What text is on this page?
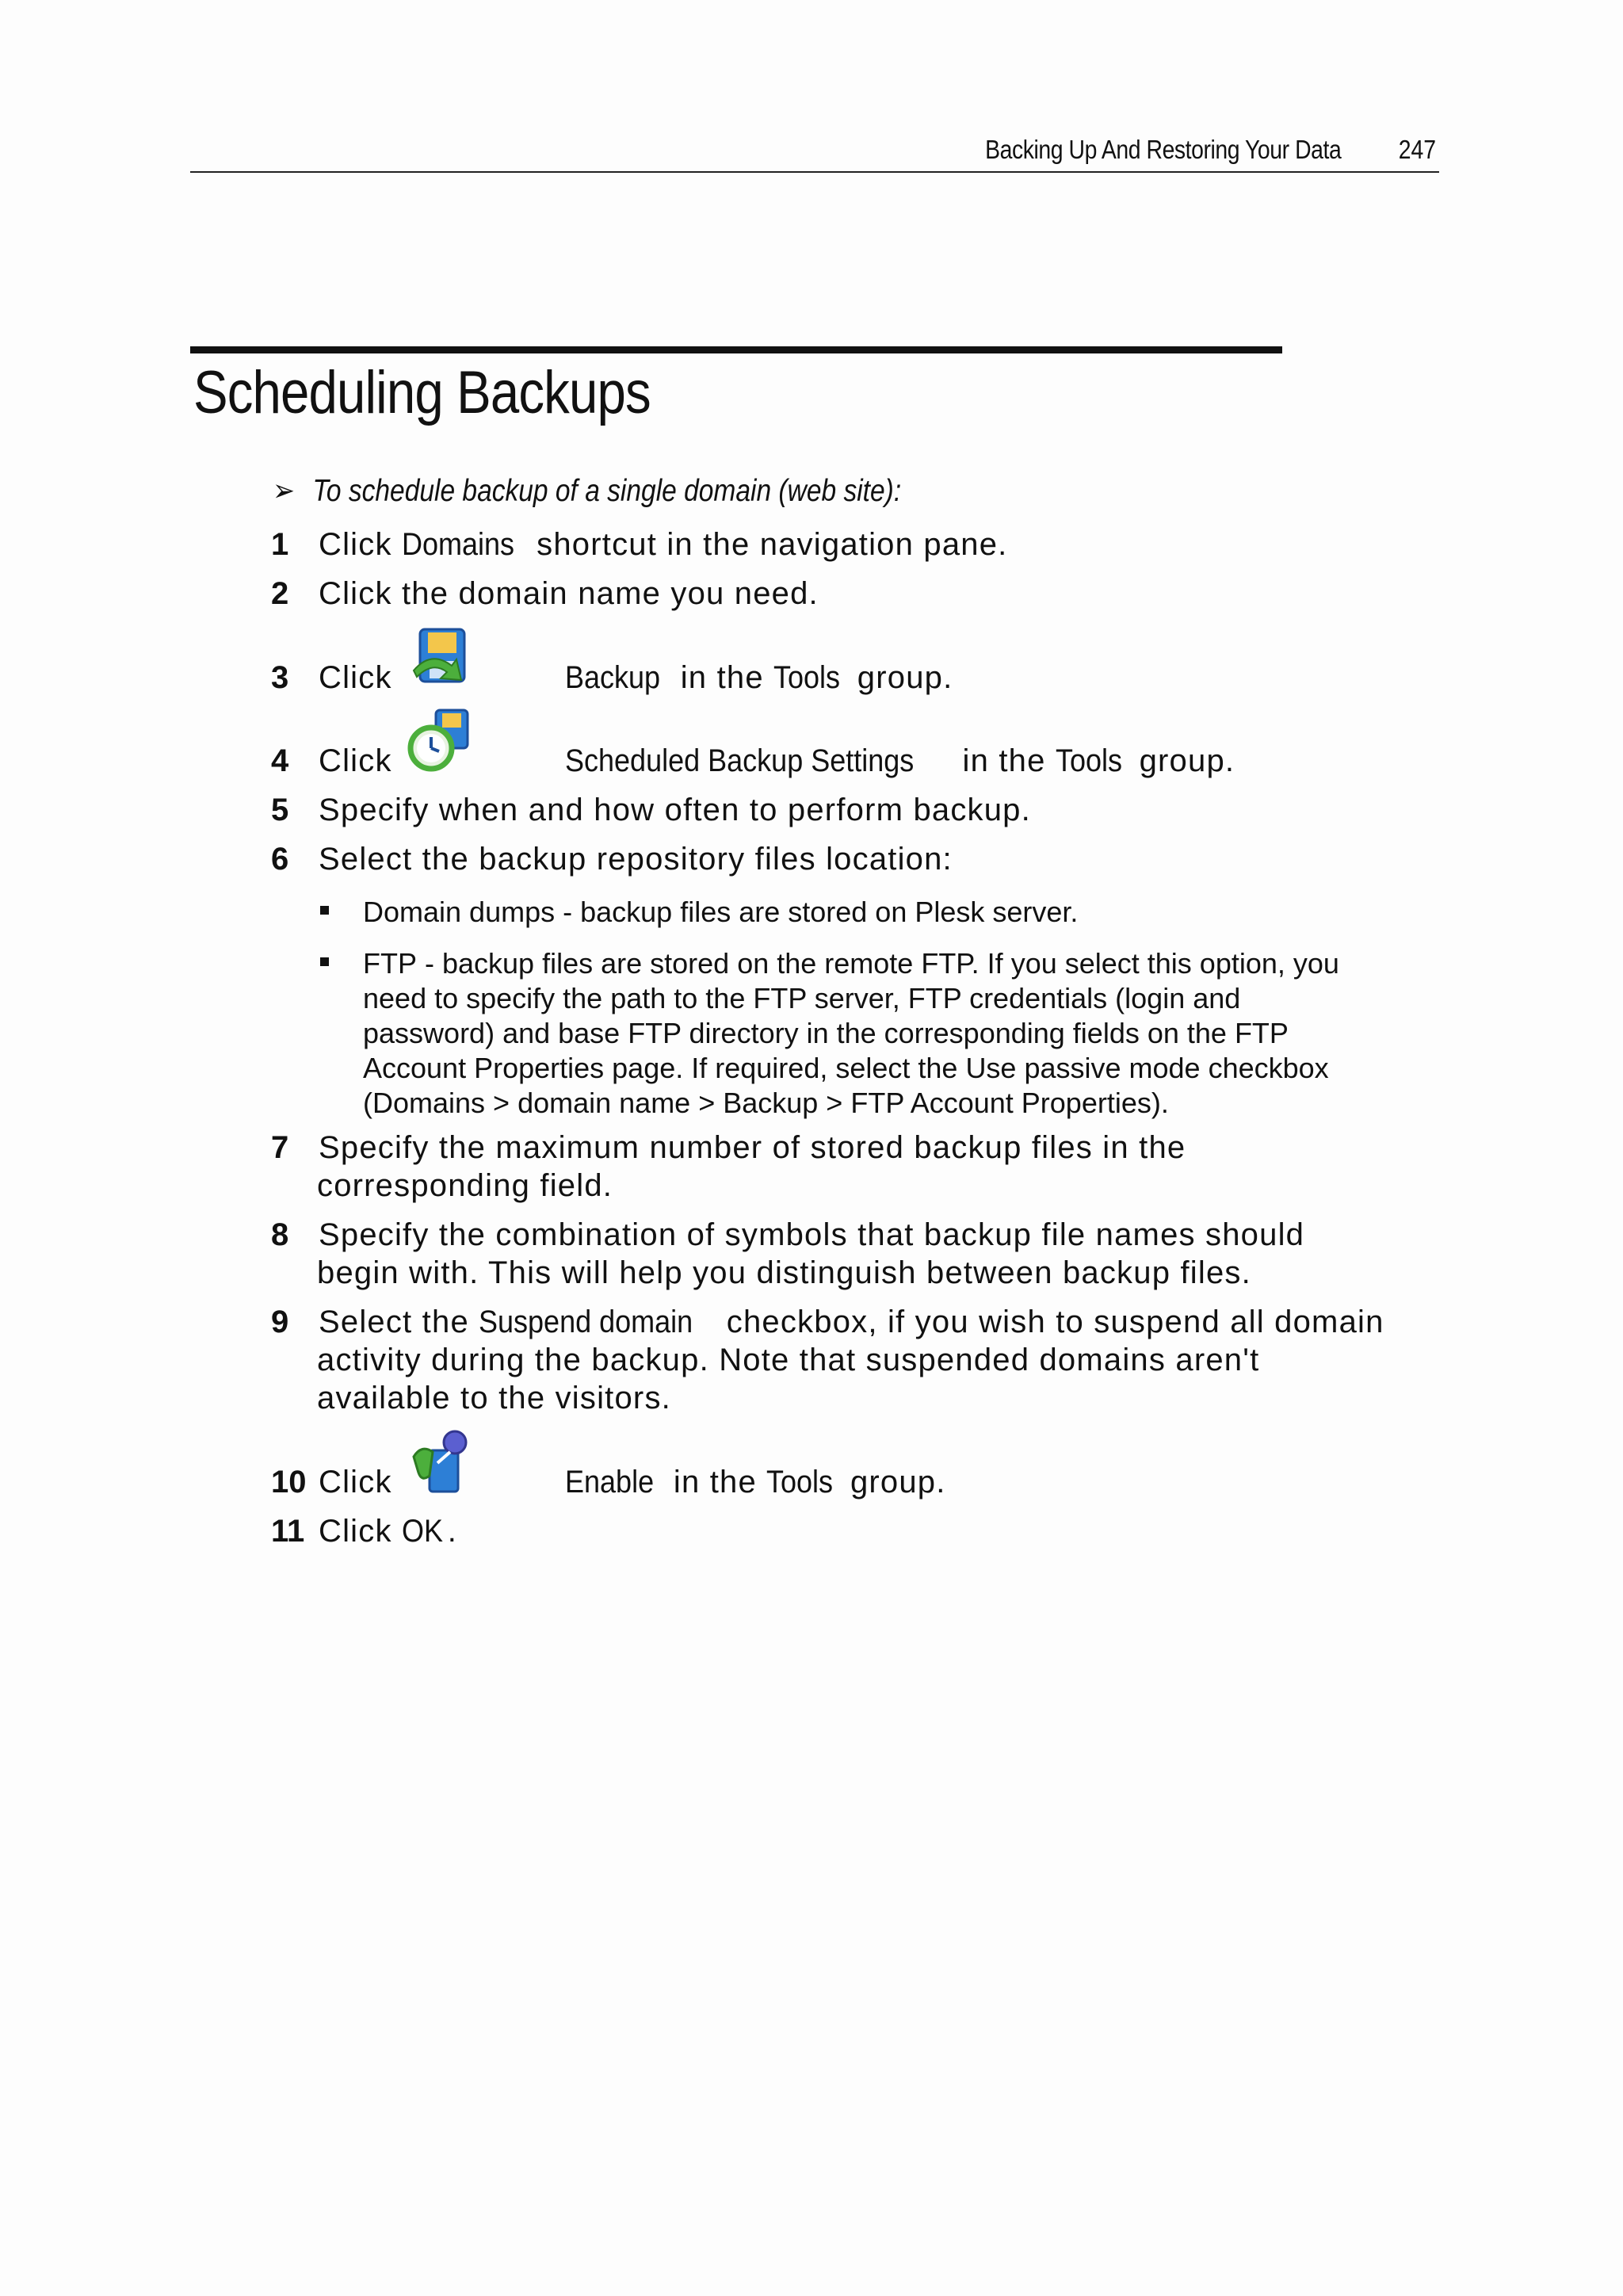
Backing Up And Restoring Your Data 247
Scheduling Backups
➢ To schedule backup of a single domain (web site):
1 Click Domains shortcut in the navigation pane.
2 Click the domain name you need.
3 Click	Backup in the Tools group.
4 Click	Scheduled Backup Settings in the Tools group.
5 Specify when and how often to perform backup.
6 Select the backup repository files location:
Domain dumps - backup files are stored on Plesk server.
FTP - backup files are stored on the remote FTP. If you select this option, you
need to specify the path to the FTP server, FTP credentials (login and
password) and base FTP directory in the corresponding fields on the FTP
Account Properties page. If required, select the Use passive mode checkbox
(Domains > domain name > Backup > FTP Account Properties).
7 Specify the maximum number of stored backup files in the
corresponding field.
8 Specify the combination of symbols that backup file names should
begin with. This will help you distinguish between backup files.
9 Select the Suspend domain checkbox, if you wish to suspend all domain
activity during the backup. Note that suspended domains aren't
available to the visitors.
10 Click	Enable in the Tools group.
11 Click OK .
